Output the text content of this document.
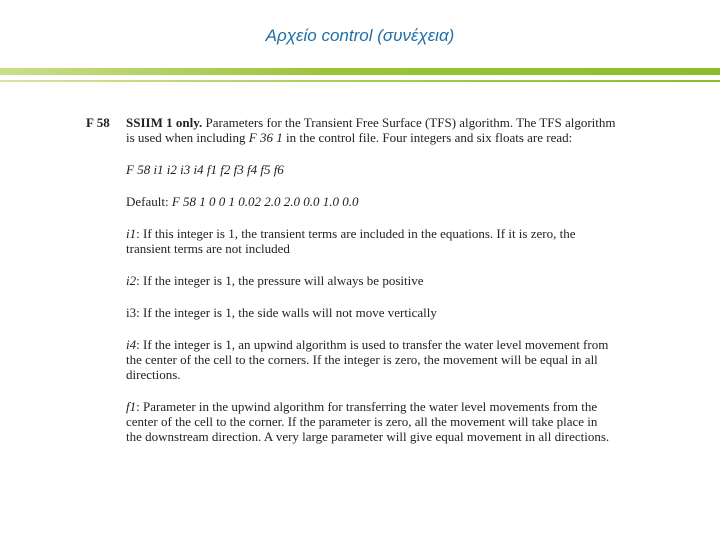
Αρχείο control (συνέχεια)
F 58	SSIIM 1 only. Parameters for the Transient Free Surface (TFS) algorithm. The TFS algorithm is used when including F 36 1 in the control file. Four integers and six floats are read:

F 58 i1 i2 i3 i4 f1 f2 f3 f4 f5 f6

Default: F 58 1 0 0 1 0.02 2.0 2.0 0.0 1.0 0.0

i1: If this integer is 1, the transient terms are included in the equations. If it is zero, the transient terms are not included

i2: If the integer is 1, the pressure will always be positive

i3: If the integer is 1, the side walls will not move vertically

i4: If the integer is 1, an upwind algorithm is used to transfer the water level movement from the center of the cell to the corners. If the integer is zero, the movement will be equal in all directions.

f1: Parameter in the upwind algorithm for transferring the water level movements from the center of the cell to the corner. If the parameter is zero, all the movement will take place in the downstream direction. A very large parameter will give equal movement in all directions.
